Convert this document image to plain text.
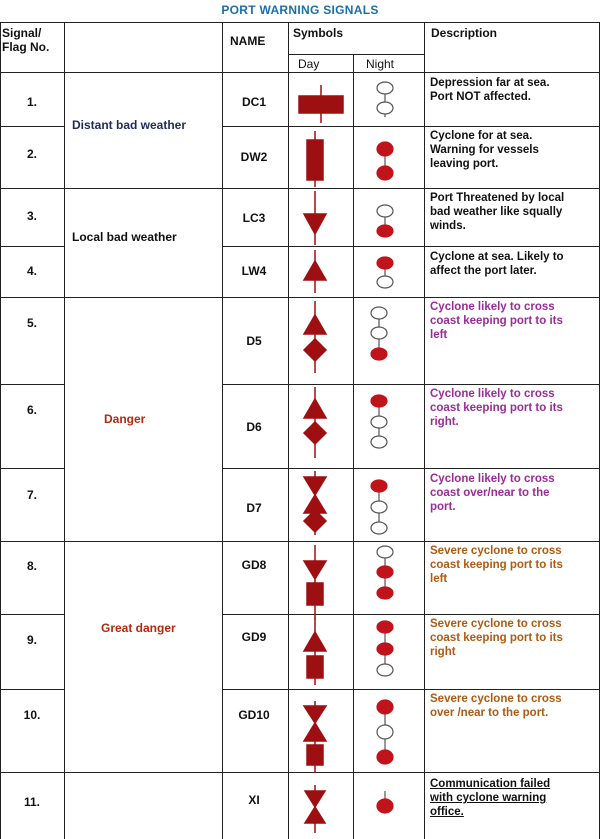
PORT WARNING SIGNALS
Signal/
Flag No.	NAME
Symbols
Day	Night
Description
Distant bad weather
Local bad weather
Danger
Great danger
1.
2.
3.
4.
5.
6.
7.
8.
9.
10.
11.
DC1
DW2
LC3
LW4
D5
D6
D7
GD8
GD9
GD10
XI
Depression far at sea.
Port NOT affected.
Cyclone for at sea.
Warning for vessels
leaving port.
Port Threatened by local
bad weather like squally
winds.
Cyclone at sea. Likely to
affect the port later.
Cyclone likely to cross
coast keeping port to its
left
Cyclone likely to cross
coast keeping port to its
right.
Cyclone likely to cross
coast over/near to the
port.
Severe cyclone to cross
coast keeping port to its
left
Severe cyclone to cross
coast keeping port to its
right
Severe cyclone to cross
over /near to the port.
Communication failed
with cyclone warning
office.
